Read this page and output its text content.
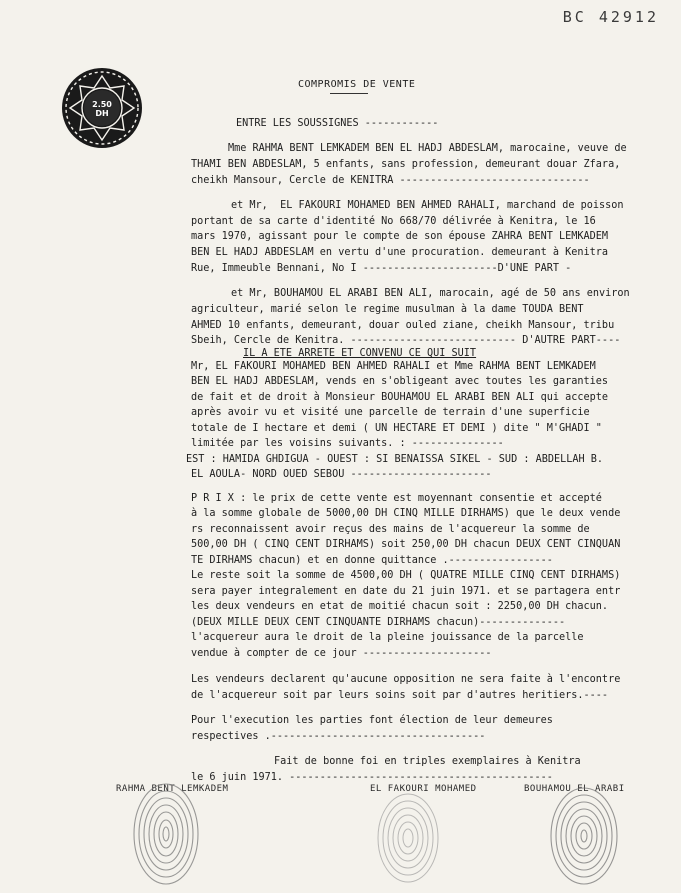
BC 42912
2.50 DH
COMPROMIS DE VENTE

ENTRE LES SOUSSIGNES ------------

Mme RAHMA BENT LEMKADEM BEN EL HADJ ABDESLAM, marocaine, veuve de

THAMI BEN ABDESLAM, 5 enfants, sans profession, demeurant douar Zfara,

cheikh Mansour, Cercle de KENITRA -------------------------------

et Mr,  EL FAKOURI MOHAMED BEN AHMED RAHALI, marchand de poisson

portant de sa carte d'identité No 668/70 délivrée à Kenitra, le 16

mars 1970, agissant pour le compte de son épouse ZAHRA BENT LEMKADEM

BEN EL HADJ ABDESLAM en vertu d'une procuration. demeurant à Kenitra

Rue, Immeuble Bennani, No I ----------------------D'UNE PART -

et Mr, BOUHAMOU EL ARABI BEN ALI, marocain, agé de 50 ans environ

agriculteur, marié selon le regime musulman à la dame TOUDA BENT

AHMED 10 enfants, demeurant, douar ouled ziane, cheikh Mansour, tribu

Sbeih, Cercle de Kenitra. --------------------------- D'AUTRE PART----

IL A ETE ARRETE ET CONVENU CE QUI SUIT

Mr, EL FAKOURI MOHAMED BEN AHMED RAHALI et Mme RAHMA BENT LEMKADEM

BEN EL HADJ ABDESLAM, vends en s'obligeant avec toutes les garanties

de fait et de droit à Monsieur BOUHAMOU EL ARABI BEN ALI qui accepte

après avoir vu et visité une parcelle de terrain d'une superficie

totale de I hectare et demi ( UN HECTARE ET DEMI ) dite " M'GHADI "

limitée par les voisins suivants. : ---------------

EST : HAMIDA GHDIGUA - OUEST : SI BENAISSA SIKEL - SUD : ABDELLAH B.

EL AOULA- NORD OUED SEBOU -----------------------

P R I X : le prix de cette vente est moyennant consentie et accepté

à la somme globale de 5000,00 DH CINQ MILLE DIRHAMS) que le deux vende

rs reconnaissent avoir reçus des mains de l'acquereur la somme de

500,00 DH ( CINQ CENT DIRHAMS) soit 250,00 DH chacun DEUX CENT CINQUAN

TE DIRHAMS chacun) et en donne quittance .-----------------

Le reste soit la somme de 4500,00 DH ( QUATRE MILLE CINQ CENT DIRHAMS)

sera payer integralement en date du 21 juin 1971. et se partagera entr

les deux vendeurs en etat de moitié chacun soit : 2250,00 DH chacun.

(DEUX MILLE DEUX CENT CINQUANTE DIRHAMS chacun)--------------

l'acquereur aura le droit de la pleine jouissance de la parcelle

vendue à compter de ce jour ---------------------

Les vendeurs declarent qu'aucune opposition ne sera faite à l'encontre

de l'acquereur soit par leurs soins soit par d'autres heritiers.----

Pour l'execution les parties font élection de leur demeures

respectives .-----------------------------------

Fait de bonne foi en triples exemplaires à Kenitra

le 6 juin 1971. -------------------------------------------

RAHMA BENT LEMKADEM	EL FAKOURI MOHAMED	BOUHAMOU EL ARABI
